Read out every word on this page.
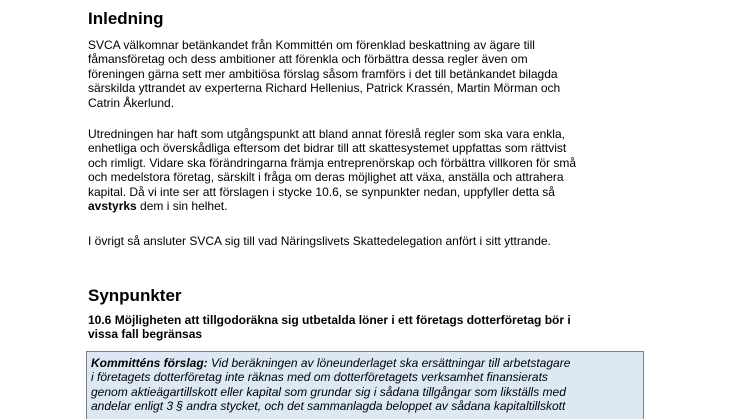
Inledning
SVCA välkomnar betänkandet från Kommittén om förenklad beskattning av ägare till
fåmansföretag och dess ambitioner att förenkla och förbättra dessa regler även om
föreningen gärna sett mer ambitiösa förslag såsom framförs i det till betänkandet bilagda
särskilda yttrandet av experterna Richard Hellenius, Patrick Krassén, Martin Mörman och
Catrin Åkerlund.
Utredningen har haft som utgångspunkt att bland annat föreslå regler som ska vara enkla,
enhetliga och överskådliga eftersom det bidrar till att skattesystemet uppfattas som rättvist
och rimligt. Vidare ska förändringarna främja entreprenörskap och förbättra villkoren för små
och medelstora företag, särskilt i fråga om deras möjlighet att växa, anställa och attrahera
kapital. Då vi inte ser att förslagen i stycke 10.6, se synpunkter nedan, uppfyller detta så
avstyrks dem i sin helhet.
I övrigt så ansluter SVCA sig till vad Näringslivets Skattedelegation anfört i sitt yttrande.
Synpunkter
10.6 Möjligheten att tillgodoräkna sig utbetalda löner i ett företags dotterföretag bör i
vissa fall begränsas
Kommitténs förslag: Vid beräkningen av löneunderlaget ska ersättningar till arbetstagare
i företagets dotterföretag inte räknas med om dotterföretagets verksamhet finansierats
genom aktieägartillskott eller kapital som grundar sig i sådana tillgångar som likställs med
andelar enligt 3 § andra stycket, och det sammanlagda beloppet av sådana kapitaltillskott
